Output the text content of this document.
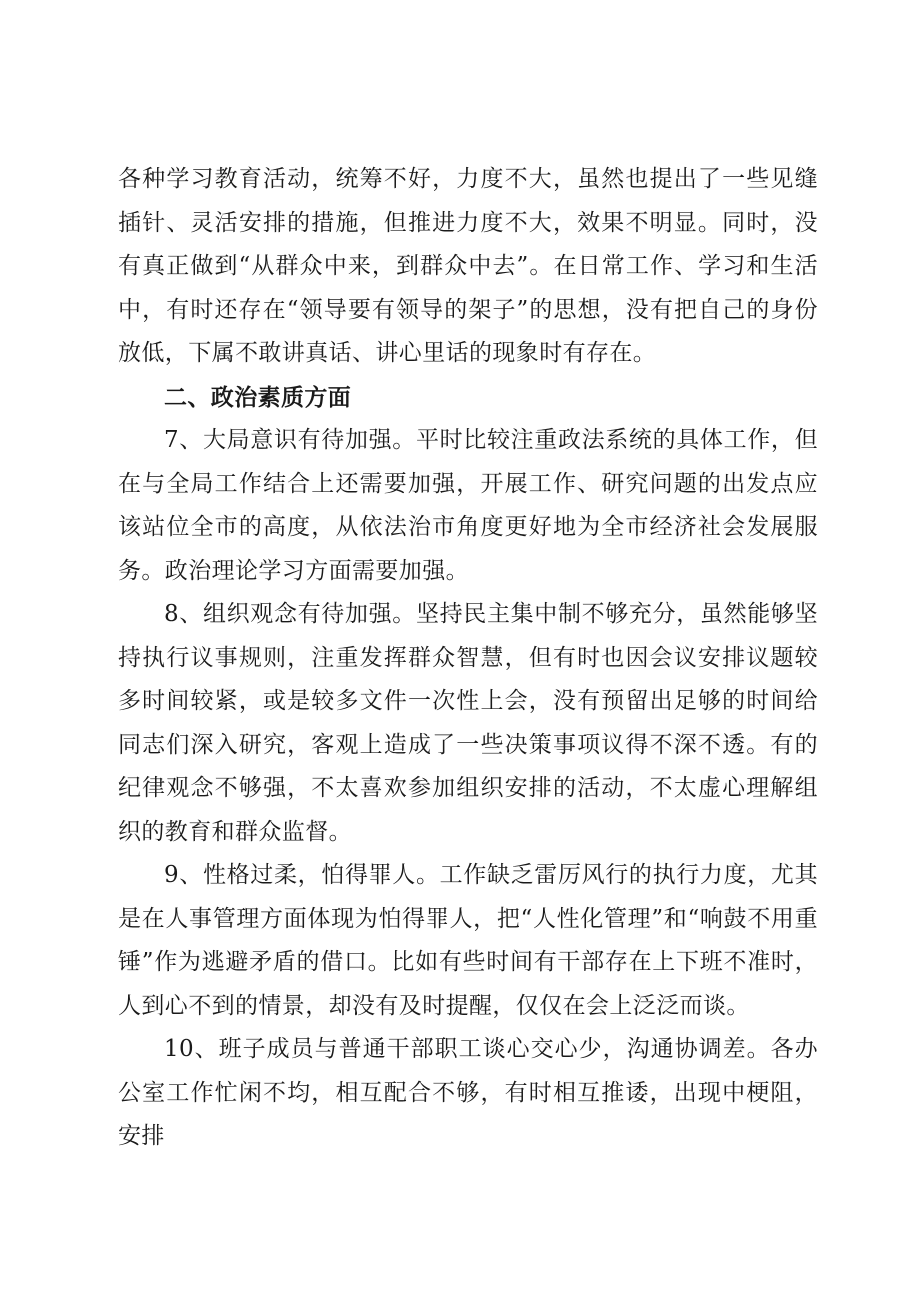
各种学习教育活动，统筹不好，力度不大，虽然也提出了一些见缝插针、灵活安排的措施，但推进力度不大，效果不明显。同时，没有真正做到“从群众中来，到群众中去”。在日常工作、学习和生活中，有时还存在“领导要有领导的架子”的思想，没有把自己的身份放低，下属不敢讲真话、讲心里话的现象时有存在。

二、政治素质方面

7、大局意识有待加强。平时比较注重政法系统的具体工作，但在与全局工作结合上还需要加强，开展工作、研究问题的出发点应该站位全市的高度，从依法治市角度更好地为全市经济社会发展服务。政治理论学习方面需要加强。

8、组织观念有待加强。坚持民主集中制不够充分，虽然能够坚持执行议事规则，注重发挥群众智慧，但有时也因会议安排议题较多时间较紧，或是较多文件一次性上会，没有预留出足够的时间给同志们深入研究，客观上造成了一些决策事项议得不深不透。有的纪律观念不够强，不太喜欢参加组织安排的活动，不太虚心理解组织的教育和群众监督。

9、性格过柔，怕得罪人。工作缺乏雷厉风行的执行力度，尤其是在人事管理方面体现为怕得罪人，把“人性化管理”和“响鼓不用重锤”作为逃避矛盾的借口。比如有些时间有干部存在上下班不准时，人到心不到的情景，却没有及时提醒，仅仅在会上泛泛而谈。

10、班子成员与普通干部职工谈心交心少，沟通协调差。各办公室工作忙闲不均，相互配合不够，有时相互推诿，出现中梗阻，安排
